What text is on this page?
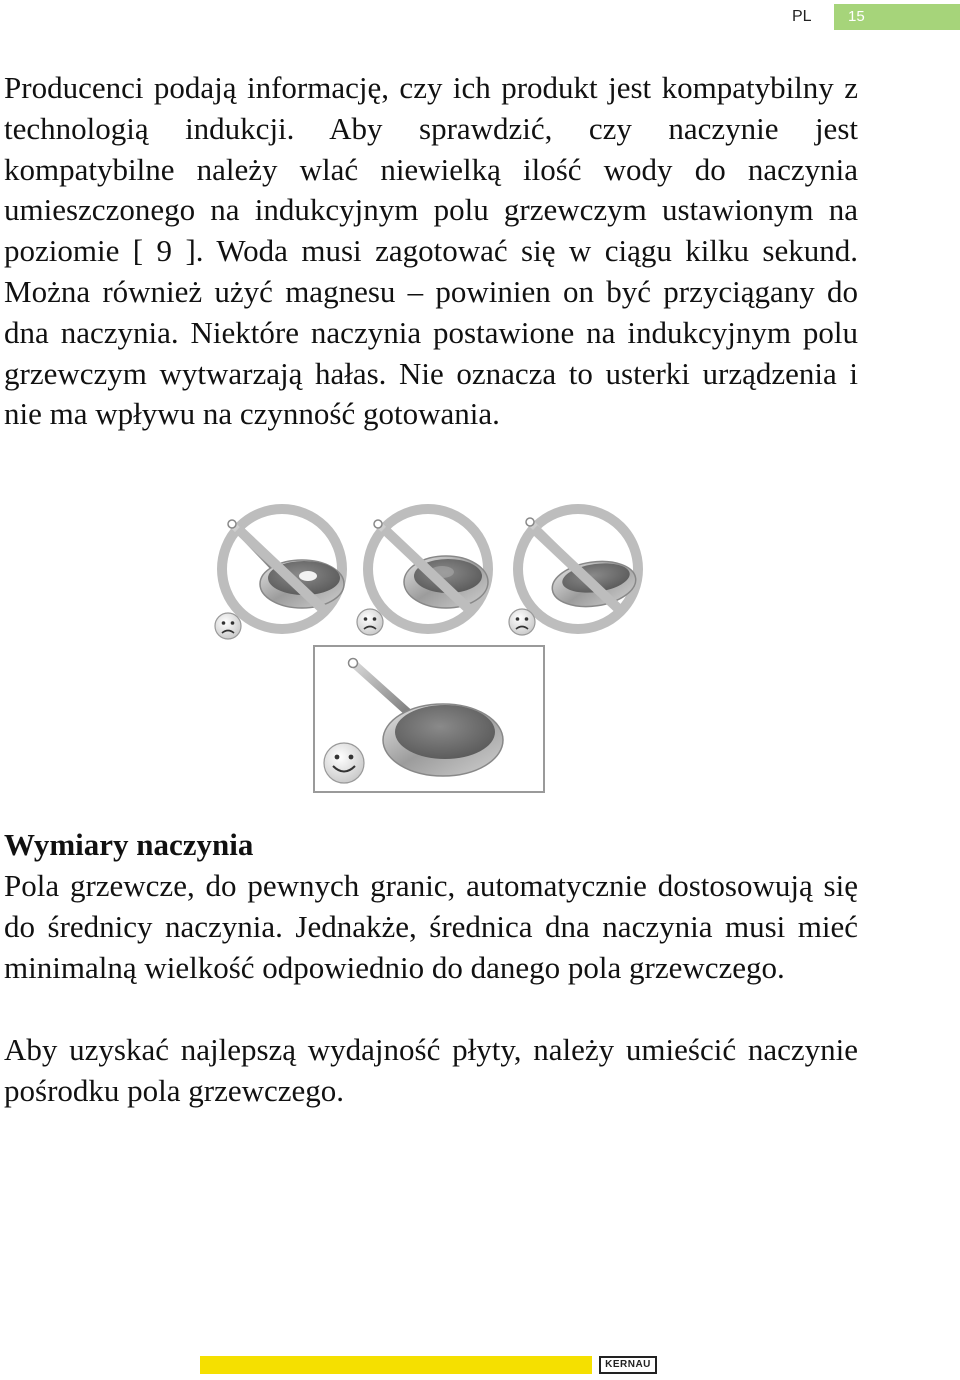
PL	15

Producenci podają informację, czy ich produkt jest kompatybilny z technologią indukcji. Aby sprawdzić, czy naczynie jest kompatybilne należy wlać niewielką ilość wody do naczynia umieszczonego na indukcyjnym polu grzewczym ustawionym na poziomie [ 9 ]. Woda musi zagotować się w ciągu kilku sekund. Można również użyć magnesu – powinien on być przyciągany do dna naczynia. Niektóre naczynia postawione na indukcyjnym polu grzewczym wytwarzają hałas. Nie oznacza to usterki urządzenia i nie ma wpływu na czynność gotowania.

Wymiary naczynia

Pola grzewcze, do pewnych granic, automatycznie dostosowują się do średnicy naczynia. Jednakże, średnica dna naczynia musi mieć minimalną wielkość odpowiednio do danego pola grzewczego.

Aby uzyskać najlepszą wydajność płyty, należy umieścić naczynie pośrodku pola grzewczego.

KERNAU
